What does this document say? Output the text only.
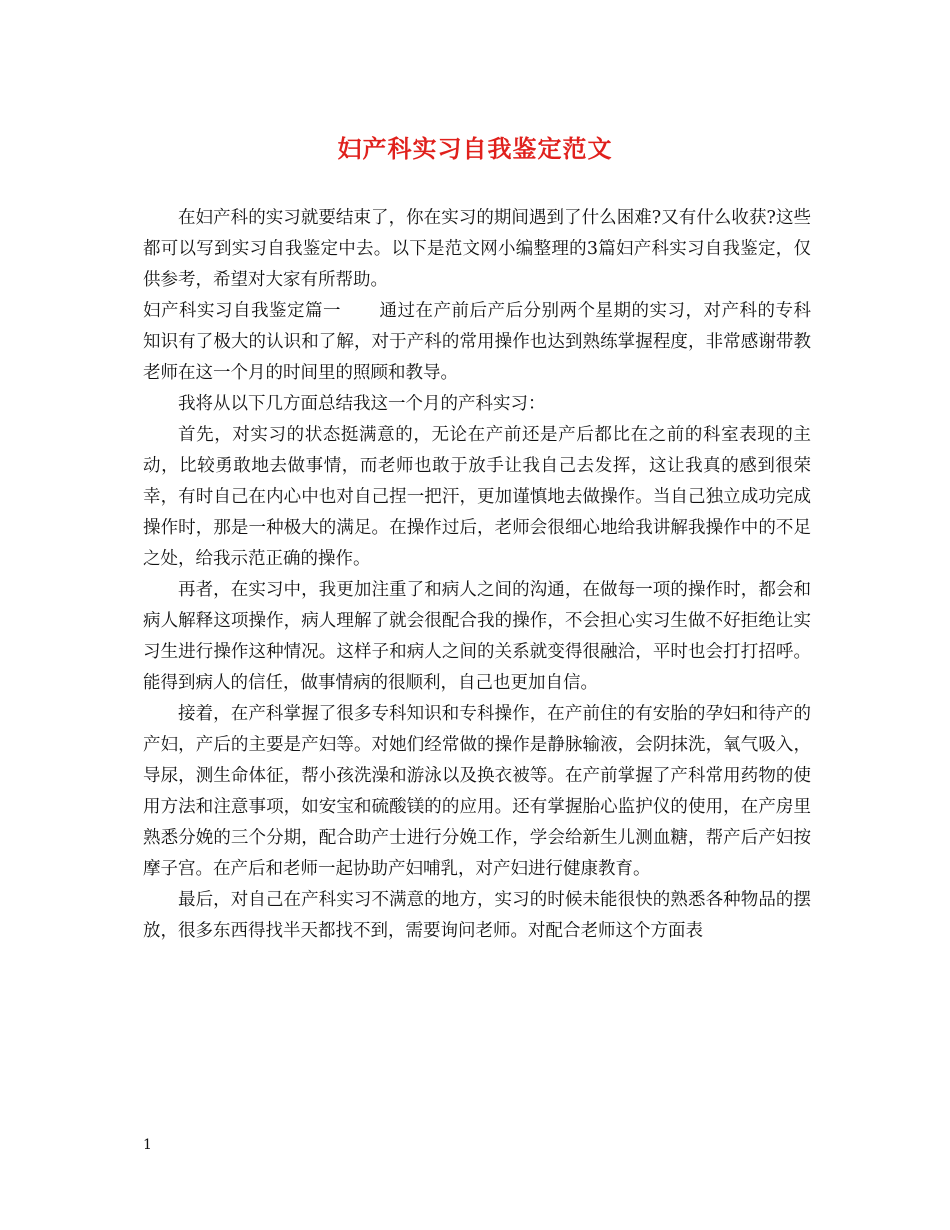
妇产科实习自我鉴定范文

在妇产科的实习就要结束了，你在实习的期间遇到了什么困难?又有什么收获?这些都可以写到实习自我鉴定中去。以下是范文网小编整理的3篇妇产科实习自我鉴定，仅供参考，希望对大家有所帮助。

妇产科实习自我鉴定篇一 通过在产前后产后分别两个星期的实习，对产科的专科知识有了极大的认识和了解，对于产科的常用操作也达到熟练掌握程度，非常感谢带教老师在这一个月的时间里的照顾和教导。

我将从以下几方面总结我这一个月的产科实习：

首先，对实习的状态挺满意的，无论在产前还是产后都比在之前的科室表现的主动，比较勇敢地去做事情，而老师也敢于放手让我自己去发挥，这让我真的感到很荣幸，有时自己在内心中也对自己捏一把汗，更加谨慎地去做操作。当自己独立成功完成操作时，那是一种极大的满足。在操作过后，老师会很细心地给我讲解我操作中的不足之处，给我示范正确的操作。

再者，在实习中，我更加注重了和病人之间的沟通，在做每一项的操作时，都会和病人解释这项操作，病人理解了就会很配合我的操作，不会担心实习生做不好拒绝让实习生进行操作这种情况。这样子和病人之间的关系就变得很融洽，平时也会打打招呼。能得到病人的信任，做事情病的很顺利，自己也更加自信。

接着，在产科掌握了很多专科知识和专科操作，在产前住的有安胎的孕妇和待产的产妇，产后的主要是产妇等。对她们经常做的操作是静脉输液，会阴抹洗，氧气吸入，导尿，测生命体征，帮小孩洗澡和游泳以及换衣被等。在产前掌握了产科常用药物的使用方法和注意事项，如安宝和硫酸镁的的应用。还有掌握胎心监护仪的使用，在产房里熟悉分娩的三个分期，配合助产士进行分娩工作，学会给新生儿测血糖，帮产后产妇按摩子宫。在产后和老师一起协助产妇哺乳，对产妇进行健康教育。

最后，对自己在产科实习不满意的地方，实习的时候未能很快的熟悉各种物品的摆放，很多东西得找半天都找不到，需要询问老师。对配合老师这个方面表

1
